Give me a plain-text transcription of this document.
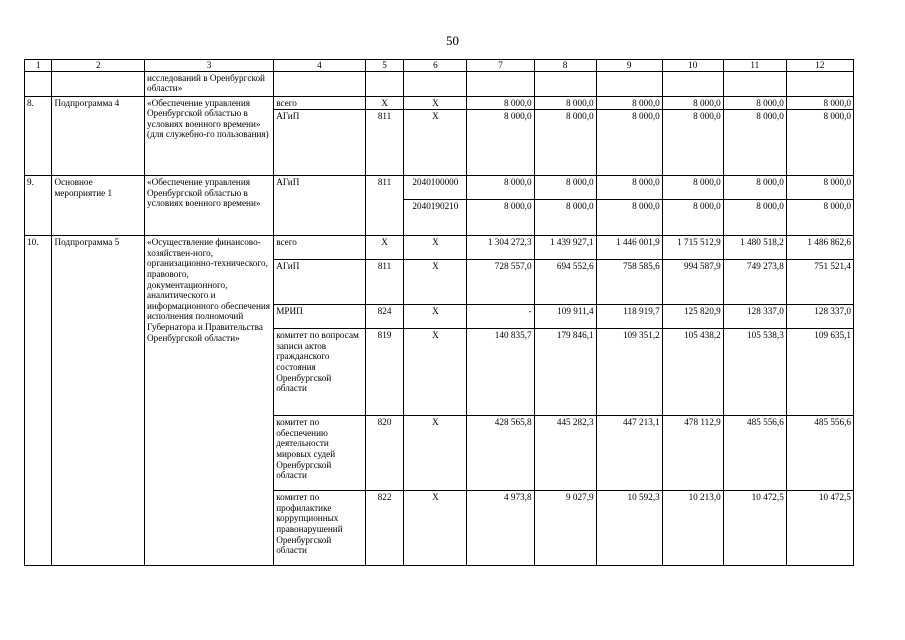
50
1	2	3	4	5	6	7	8	9	10	11	12
		исследований в Оренбургской области»									
8.	Подпрограмма 4	«Обеспечение управления Оренбургской областью в условиях военного времени» (для служебно-го пользования)	всего	X	X	8 000,0	8 000,0	8 000,0	8 000,0	8 000,0	8 000,0
			АГиП	811	X	8 000,0	8 000,0	8 000,0	8 000,0	8 000,0	8 000,0
9.	Основное мероприятие 1	«Обеспечение управления Оренбургской областью в условиях военного времени»	АГиП	811	2040100000	8 000,0	8 000,0	8 000,0	8 000,0	8 000,0	8 000,0
					2040190210	8 000,0	8 000,0	8 000,0	8 000,0	8 000,0	8 000,0
10.	Подпрограмма 5	«Осуществление финансово-хозяйствен-ного, организационно-технического, правового, документационного, аналитического и информационного обеспечения исполнения полномочий Губернатора и Правительства Оренбургской области»	всего	X	X	1 304 272,3	1 439 927,1	1 446 001,9	1 715 512,9	1 480 518,2	1 486 862,6
			АГиП	811	X	728 557,0	694 552,6	758 585,6	994 587,9	749 273,8	751 521,4
			МРИП	824	X	-	109 911,4	118 919,7	125 820,9	128 337,0	128 337,0
			комитет по вопросам записи актов гражданского состояния Оренбургской области	819	X	140 835,7	179 846,1	109 351,2	105 438,2	105 538,3	109 635,1
			комитет по обеспечению деятельности мировых судей Оренбургской области	820	X	428 565,8	445 282,3	447 213,1	478 112,9	485 556,6	485 556,6
			комитет по профилактике коррупционных правонарушений Оренбургской области	822	X	4 973,8	9 027,9	10 592,3	10 213,0	10 472,5	10 472,5
